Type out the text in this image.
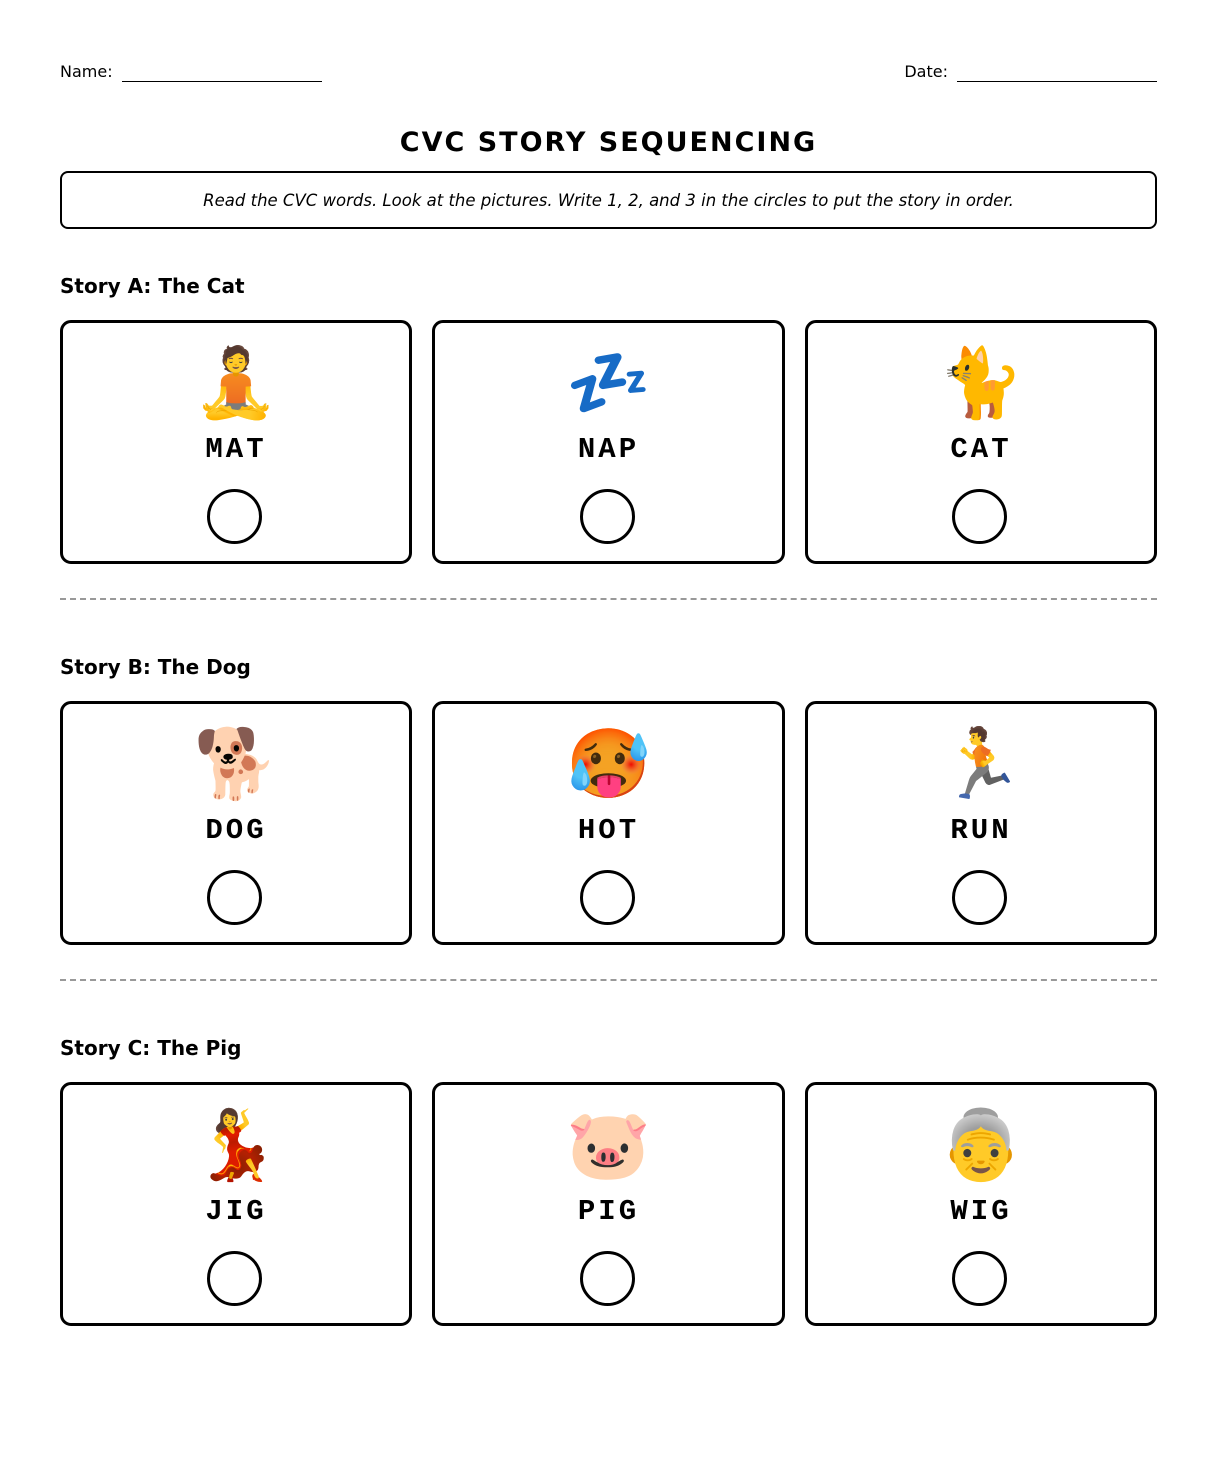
Name:	Date:
CVC STORY SEQUENCING
Read the CVC words. Look at the pictures. Write 1, 2, and 3 in the circles to put the story in order.
Story A: The Cat
🧘
MAT
💤
NAP
🐈
CAT
Story B: The Dog
🐕
DOG
🥵
HOT
🏃
RUN
Story C: The Pig
💃
JIG
🐷
PIG
👵
WIG
